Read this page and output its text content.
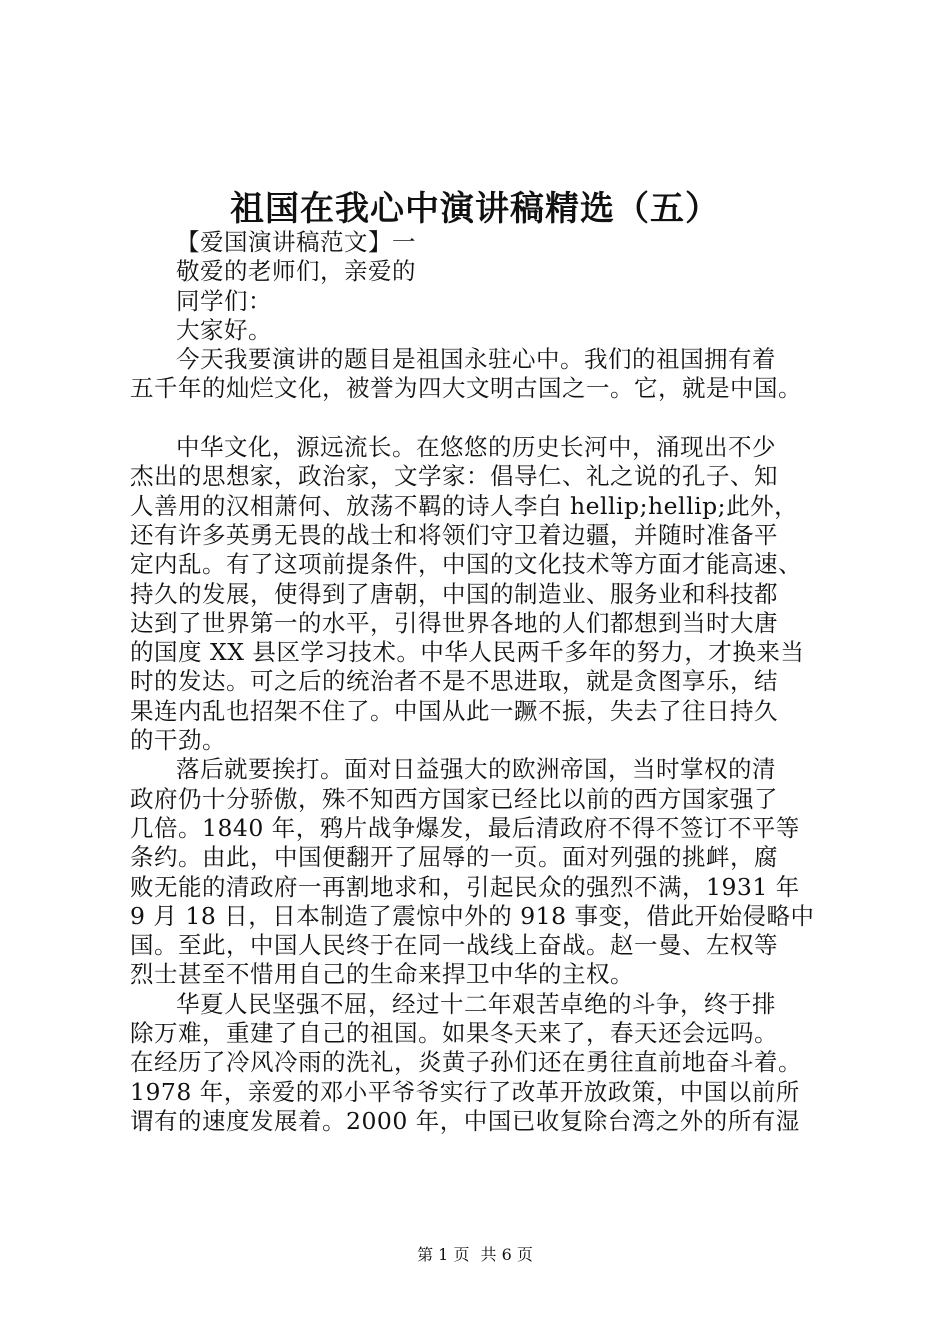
祖国在我心中演讲稿精选（五）
【爱国演讲稿范文】一
敬爱的老师们，亲爱的
同学们：
大家好。
今天我要演讲的题目是祖国永驻心中。我们的祖国拥有着
五千年的灿烂文化，被誉为四大文明古国之一。它，就是中国。
中华文化，源远流长。在悠悠的历史长河中，涌现出不少
杰出的思想家，政治家，文学家：倡导仁、礼之说的孔子、知
人善用的汉相萧何、放荡不羁的诗人李白 hellip;hellip;此外，
还有许多英勇无畏的战士和将领们守卫着边疆，并随时准备平
定内乱。有了这项前提条件，中国的文化技术等方面才能高速、
持久的发展，使得到了唐朝，中国的制造业、服务业和科技都
达到了世界第一的水平，引得世界各地的人们都想到当时大唐
的国度 XX 县区学习技术。中华人民两千多年的努力，才换来当
时的发达。可之后的统治者不是不思进取，就是贪图享乐，结
果连内乱也招架不住了。中国从此一蹶不振，失去了往日持久
的干劲。
落后就要挨打。面对日益强大的欧洲帝国，当时掌权的清
政府仍十分骄傲，殊不知西方国家已经比以前的西方国家强了
几倍。1840 年，鸦片战争爆发，最后清政府不得不签订不平等
条约。由此，中国便翻开了屈辱的一页。面对列强的挑衅，腐
败无能的清政府一再割地求和，引起民众的强烈不满，1931 年
9 月 18 日，日本制造了震惊中外的 918 事变，借此开始侵略中
国。至此，中国人民终于在同一战线上奋战。赵一曼、左权等
烈士甚至不惜用自己的生命来捍卫中华的主权。
华夏人民坚强不屈，经过十二年艰苦卓绝的斗争，终于排
除万难，重建了自己的祖国。如果冬天来了，春天还会远吗。
在经历了冷风冷雨的洗礼，炎黄子孙们还在勇往直前地奋斗着。
1978 年，亲爱的邓小平爷爷实行了改革开放政策，中国以前所
谓有的速度发展着。2000 年，中国已收复除台湾之外的所有湿
第 1 页 共 6 页
